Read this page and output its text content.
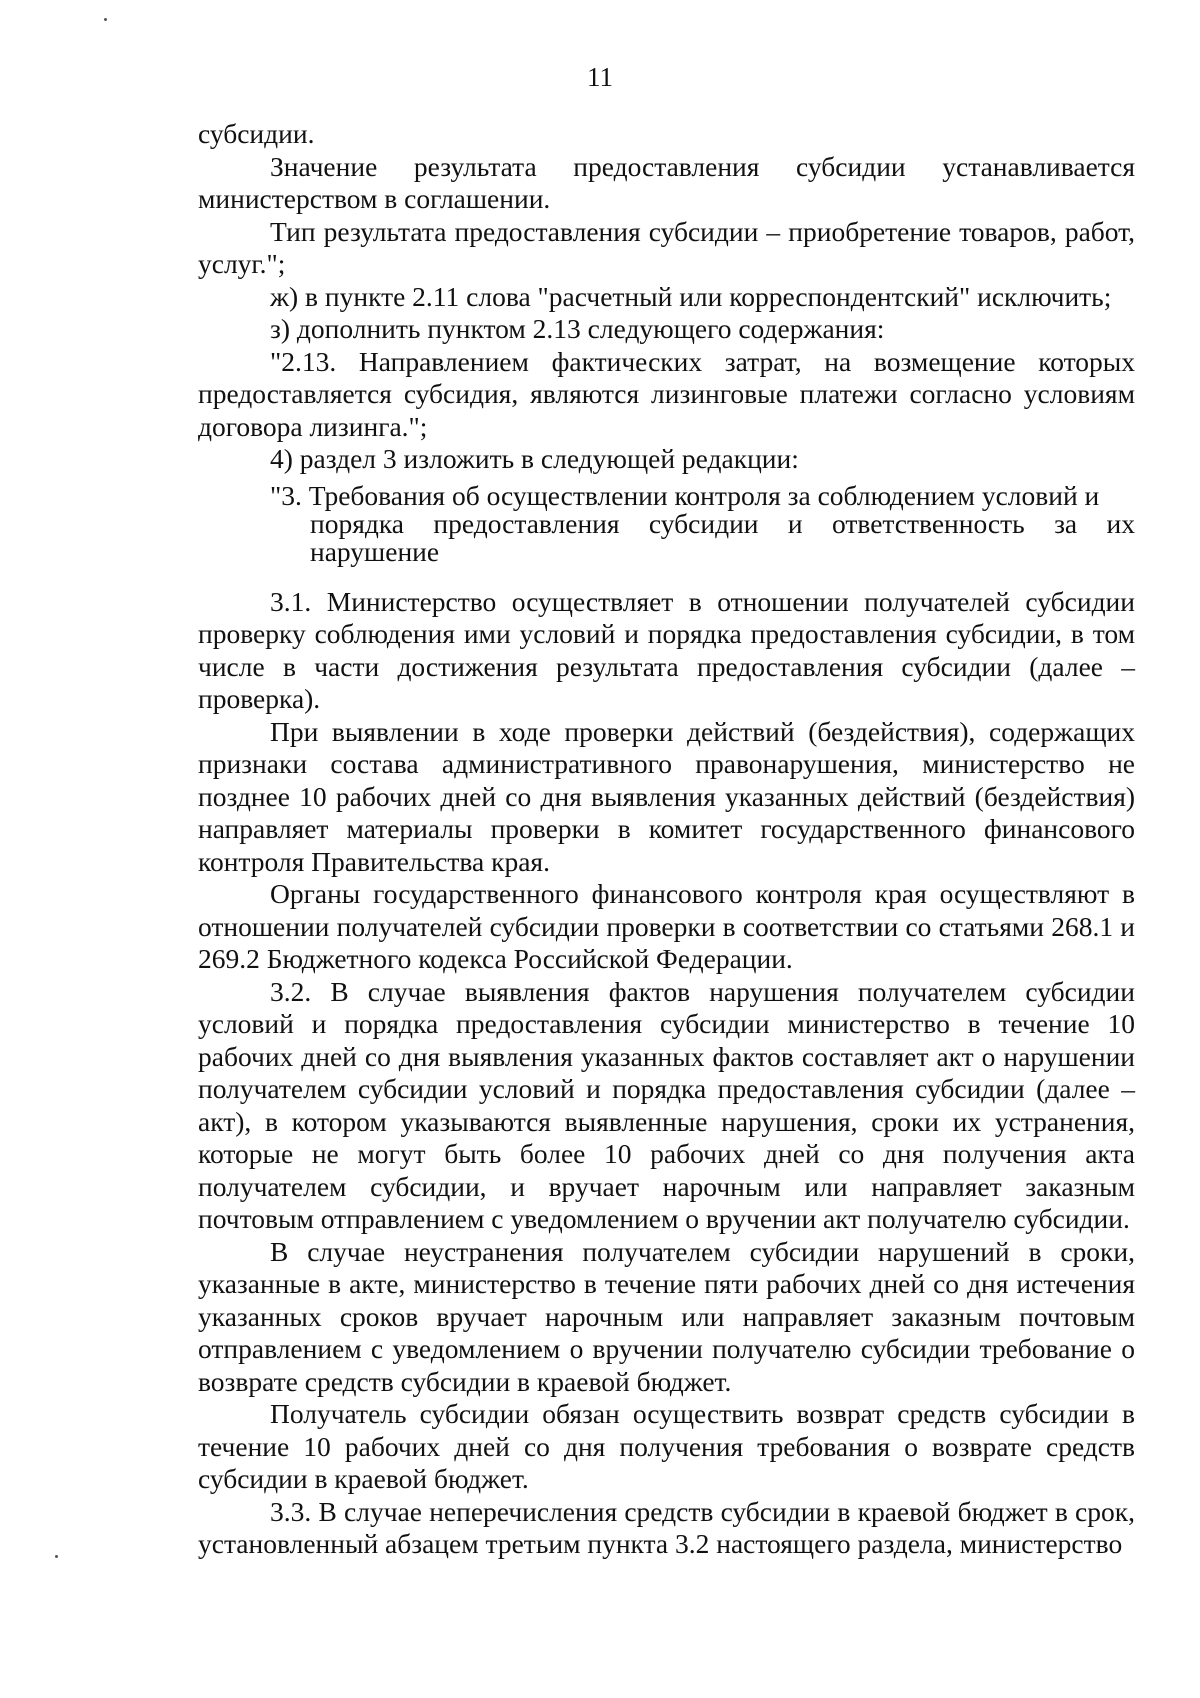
11

субсидии.

Значение результата предоставления субсидии устанавливается министерством в соглашении.

Тип результата предоставления субсидии – приобретение товаров, работ, услуг.";

ж) в пункте 2.11 слова "расчетный или корреспондентский" исключить;

з) дополнить пунктом 2.13 следующего содержания:

"2.13. Направлением фактических затрат, на возмещение которых предоставляется субсидия, являются лизинговые платежи согласно условиям договора лизинга.";

4) раздел 3 изложить в следующей редакции:

"3. Требования об осуществлении контроля за соблюдением условий и
порядка предоставления субсидии и ответственность за их нарушение

3.1. Министерство осуществляет в отношении получателей субсидии проверку соблюдения ими условий и порядка предоставления субсидии, в том числе в части достижения результата предоставления субсидии (далее – проверка).

При выявлении в ходе проверки действий (бездействия), содержащих признаки состава административного правонарушения, министерство не позднее 10 рабочих дней со дня выявления указанных действий (бездействия) направляет материалы проверки в комитет государственного финансового контроля Правительства края.

Органы государственного финансового контроля края осуществляют в отношении получателей субсидии проверки в соответствии со статьями 268.1 и 269.2 Бюджетного кодекса Российской Федерации.

3.2. В случае выявления фактов нарушения получателем субсидии условий и порядка предоставления субсидии министерство в течение 10 рабочих дней со дня выявления указанных фактов составляет акт о нарушении получателем субсидии условий и порядка предоставления субсидии (далее – акт), в котором указываются выявленные нарушения, сроки их устранения, которые не могут быть более 10 рабочих дней со дня получения акта получателем субсидии, и вручает нарочным или направляет заказным почтовым отправлением с уведомлением о вручении акт получателю субсидии.

В случае неустранения получателем субсидии нарушений в сроки, указанные в акте, министерство в течение пяти рабочих дней со дня истечения указанных сроков вручает нарочным или направляет заказным почтовым отправлением с уведомлением о вручении получателю субсидии требование о возврате средств субсидии в краевой бюджет.

Получатель субсидии обязан осуществить возврат средств субсидии в течение 10 рабочих дней со дня получения требования о возврате средств субсидии в краевой бюджет.

3.3. В случае неперечисления средств субсидии в краевой бюджет в срок, установленный абзацем третьим пункта 3.2 настоящего раздела, министерство
